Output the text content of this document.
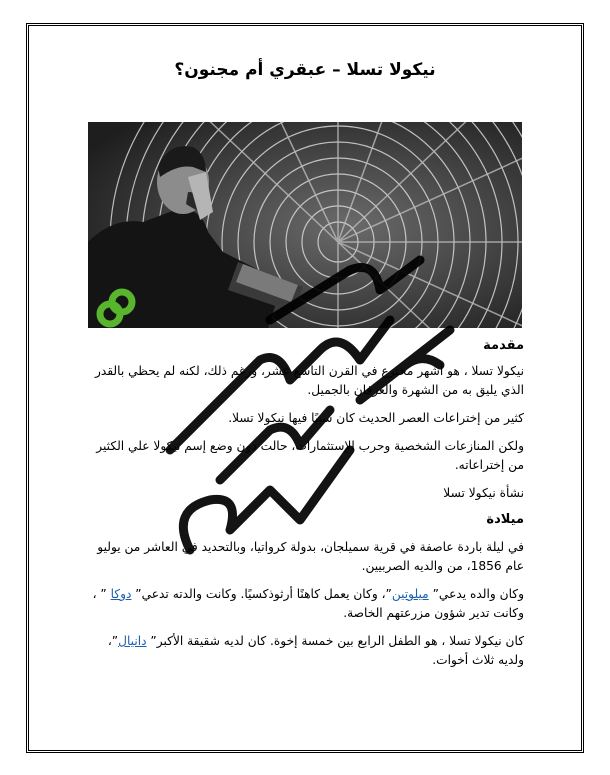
نيكولا تسلا – عبقري أم مجنون؟
مقدمة
نيكولا تسلا ، هو أشهر مخترع في القرن التاسع عشر، ورغم ذلك، لكنه لم يحظي بالقدر الذي يليق به من الشهرة والعرفان بالجميل.
كثير من إختراعات العصر الحديث كان سببًا فيها نيكولا تسلا.
ولكن المنازعات الشخصية وحرب الإستثمارات، حالت دون وضع إسم نيكولا علي الكثير من إختراعاته.
نشأة نيكولا تسلا
ميلادة
في ليلة باردة عاصفة في قرية سميلجان، بدولة كرواتيا، وبالتحديد في العاشر من يوليو عام 1856، من والديه الصربيين.
وكان والده يدعي” ميلوتين”، وكان يعمل كاهنًا أرثوذكسيًا. وكانت والدته تدعي” دوكا ” ، وكانت تدير شؤون مزرعتهم الخاصة.
كان نيكولا تسلا ، هو الطفل الرابع بين خمسة إخوة. كان لديه شقيقة الأكبر” دانيال”، ولديه ثلاث أخوات.
